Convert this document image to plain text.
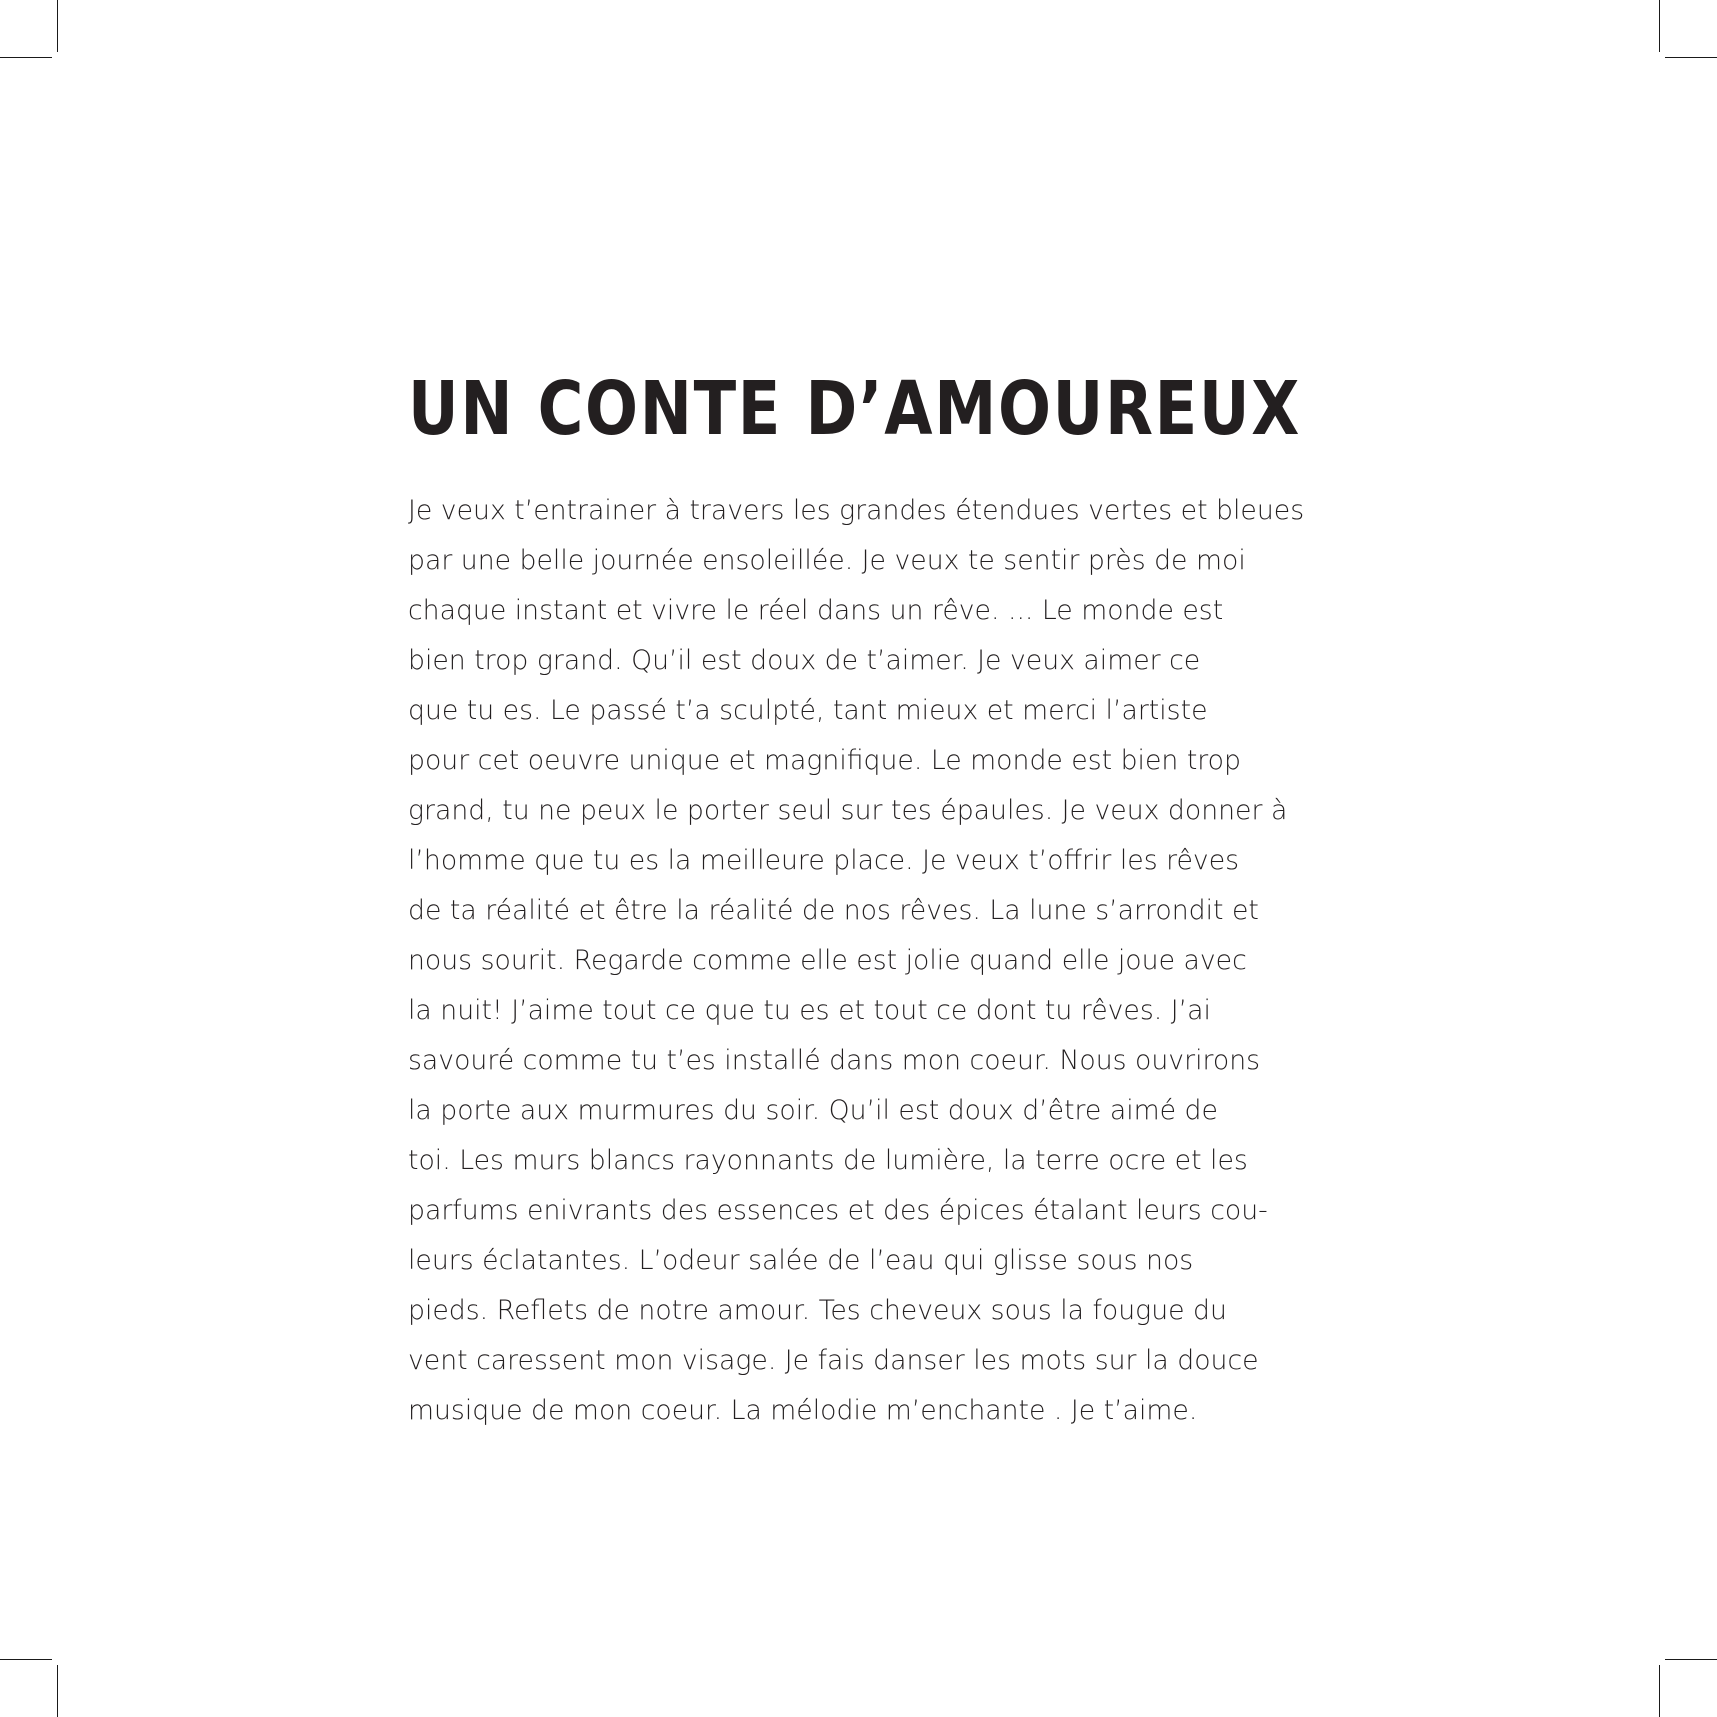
UN CONTE D’AMOUREUX
Je veux t’entrainer à travers les grandes étendues vertes et bleues
par une belle journée ensoleillée. Je veux te sentir près de moi
chaque instant et vivre le réel dans un rêve. ... Le monde est
bien trop grand. Qu’il est doux de t’aimer. Je veux aimer ce
que tu es. Le passé t’a sculpté, tant mieux et merci l’artiste
pour cet oeuvre unique et magnifique. Le monde est bien trop
grand, tu ne peux le porter seul sur tes épaules. Je veux donner à
l’homme que tu es la meilleure place. Je veux t’offrir les rêves
de ta réalité et être la réalité de nos rêves. La lune s’arrondit et
nous sourit. Regarde comme elle est jolie quand elle joue avec
la nuit! J’aime tout ce que tu es et tout ce dont tu rêves. J’ai
savouré comme tu t’es installé dans mon coeur. Nous ouvrirons
la porte aux murmures du soir. Qu’il est doux d’être aimé de
toi. Les murs blancs rayonnants de lumière, la terre ocre et les
parfums enivrants des essences et des épices étalant leurs cou-
leurs éclatantes. L’odeur salée de l’eau qui glisse sous nos
pieds. Reflets de notre amour. Tes cheveux sous la fougue du
vent caressent mon visage. Je fais danser les mots sur la douce
musique de mon coeur. La mélodie m’enchante . Je t’aime.
